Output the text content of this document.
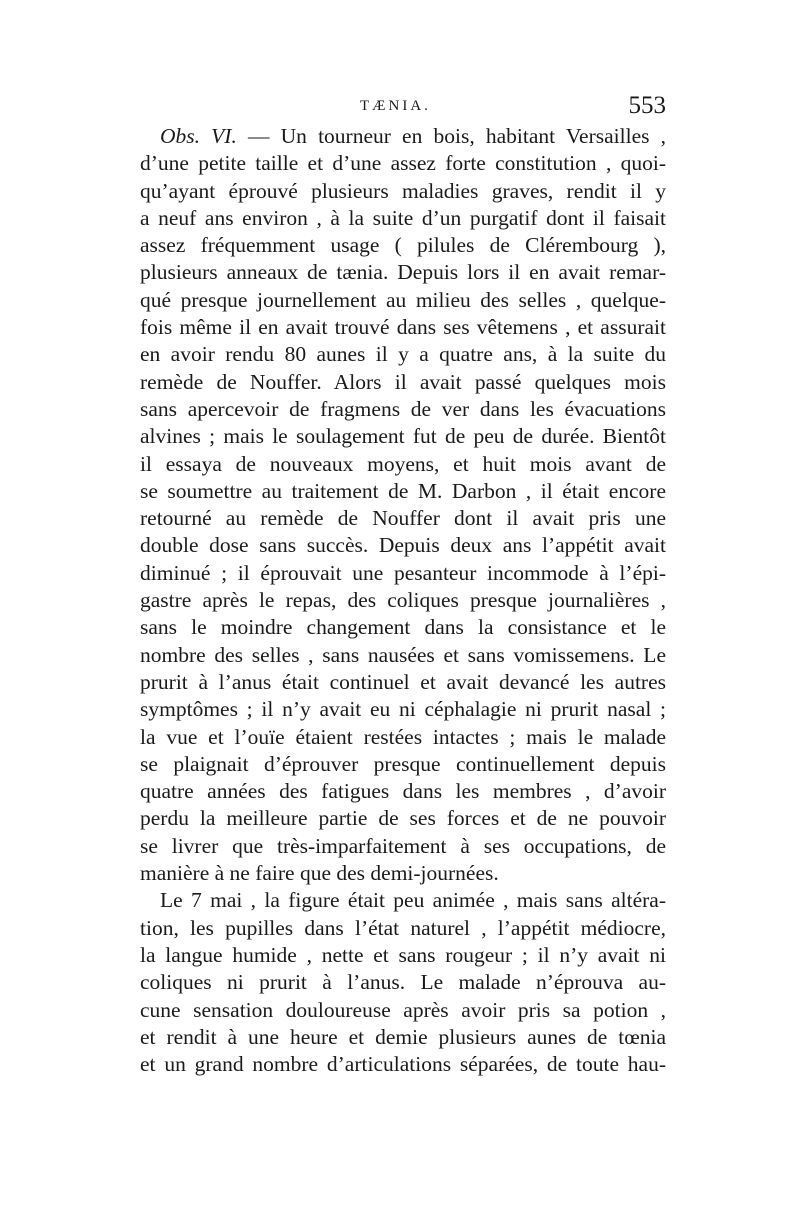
TÆNIA.	553
Obs. VI. — Un tourneur en bois, habitant Versailles ,
d’une petite taille et d’une assez forte constitution , quoi-
qu’ayant éprouvé plusieurs maladies graves, rendit il y
a neuf ans environ , à la suite d’un purgatif dont il faisait
assez fréquemment usage ( pilules de Clérembourg ),
plusieurs anneaux de tænia. Depuis lors il en avait remar-
qué presque journellement au milieu des selles , quelque-
fois même il en avait trouvé dans ses vêtemens , et assurait
en avoir rendu 80 aunes il y a quatre ans, à la suite du
remède de Nouffer. Alors il avait passé quelques mois
sans apercevoir de fragmens de ver dans les évacuations
alvines ; mais le soulagement fut de peu de durée. Bientôt
il essaya de nouveaux moyens, et huit mois avant de
se soumettre au traitement de M. Darbon , il était encore
retourné au remède de Nouffer dont il avait pris une
double dose sans succès. Depuis deux ans l’appétit avait
diminué ; il éprouvait une pesanteur incommode à l’épi-
gastre après le repas, des coliques presque journalières ,
sans le moindre changement dans la consistance et le
nombre des selles , sans nausées et sans vomissemens. Le
prurit à l’anus était continuel et avait devancé les autres
symptômes ; il n’y avait eu ni céphalagie ni prurit nasal ;
la vue et l’ouïe étaient restées intactes ; mais le malade
se plaignait d’éprouver presque continuellement depuis
quatre années des fatigues dans les membres , d’avoir
perdu la meilleure partie de ses forces et de ne pouvoir
se livrer que très-imparfaitement à ses occupations, de
manière à ne faire que des demi-journées.
Le 7 mai , la figure était peu animée , mais sans altéra-
tion, les pupilles dans l’état naturel , l’appétit médiocre,
la langue humide , nette et sans rougeur ; il n’y avait ni
coliques ni prurit à l’anus. Le malade n’éprouva au-
cune sensation douloureuse après avoir pris sa potion ,
et rendit à une heure et demie plusieurs aunes de tœnia
et un grand nombre d’articulations séparées, de toute hau-
